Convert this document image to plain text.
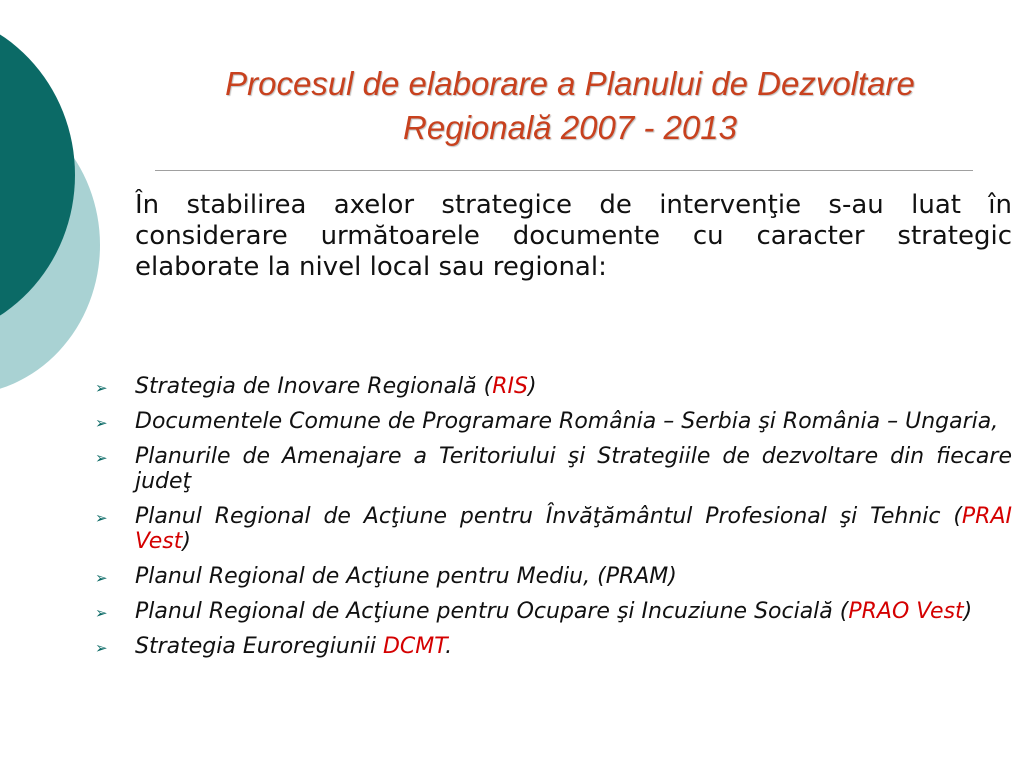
Procesul de elaborare a Planului de Dezvoltare
Regională 2007 - 2013
În stabilirea axelor strategice de intervenţie s-au luat în considerare următoarele documente cu caracter strategic elaborate la nivel local sau regional:
➢	Strategia de Inovare Regională (RIS)
➢	Documentele Comune de Programare România – Serbia şi România – Ungaria,
➢	Planurile de Amenajare a Teritoriului şi Strategiile de dezvoltare din fiecare judeţ
➢	Planul Regional de Acţiune pentru Învăţământul Profesional şi Tehnic (PRAI Vest)
➢	Planul Regional de Acţiune pentru Mediu, (PRAM)
➢	Planul Regional de Acţiune pentru Ocupare şi Incuziune Socială (PRAO Vest)
➢	Strategia Euroregiunii DCMT.
